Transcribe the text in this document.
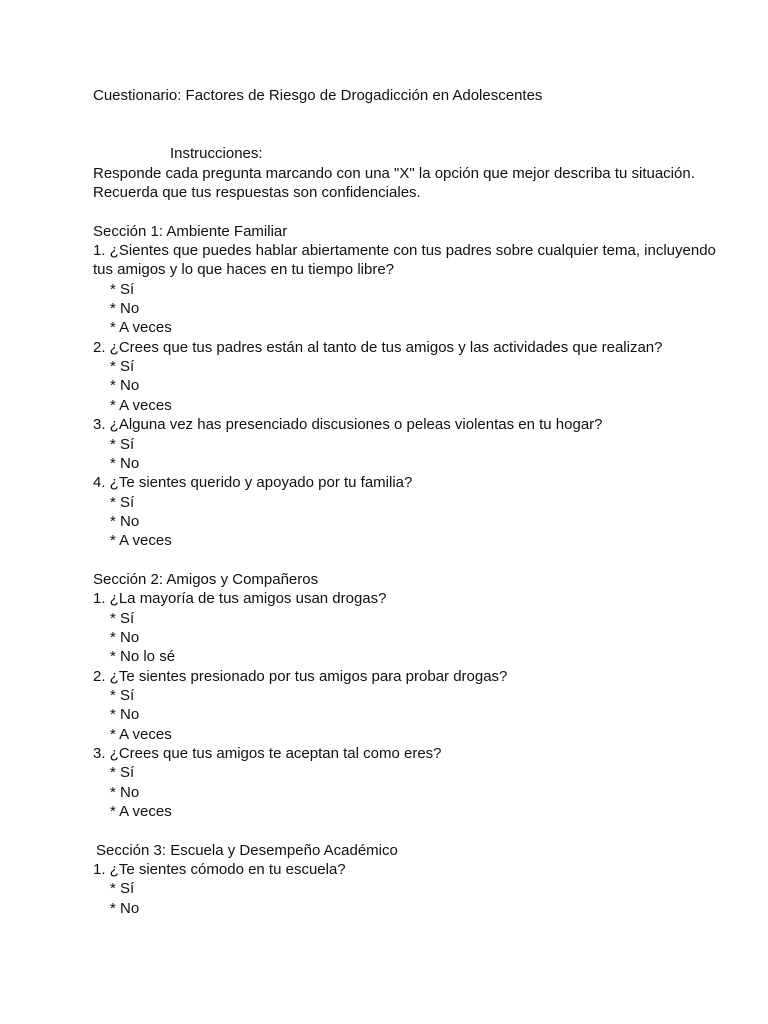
Cuestionario: Factores de Riesgo de Drogadicción en Adolescentes
Instrucciones:
Responde cada pregunta marcando con una "X" la opción que mejor describa tu situación. Recuerda que tus respuestas son confidenciales.
Sección 1: Ambiente Familiar
1. ¿Sientes que puedes hablar abiertamente con tus padres sobre cualquier tema, incluyendo tus amigos y lo que haces en tu tiempo libre?
* Sí
* No
* A veces
2. ¿Crees que tus padres están al tanto de tus amigos y las actividades que realizan?
* Sí
* No
* A veces
3. ¿Alguna vez has presenciado discusiones o peleas violentas en tu hogar?
* Sí
* No
4. ¿Te sientes querido y apoyado por tu familia?
* Sí
* No
* A veces
Sección 2: Amigos y Compañeros
1. ¿La mayoría de tus amigos usan drogas?
* Sí
* No
* No lo sé
2. ¿Te sientes presionado por tus amigos para probar drogas?
* Sí
* No
* A veces
3. ¿Crees que tus amigos te aceptan tal como eres?
* Sí
* No
* A veces
Sección 3: Escuela y Desempeño Académico
1. ¿Te sientes cómodo en tu escuela?
* Sí
* No
